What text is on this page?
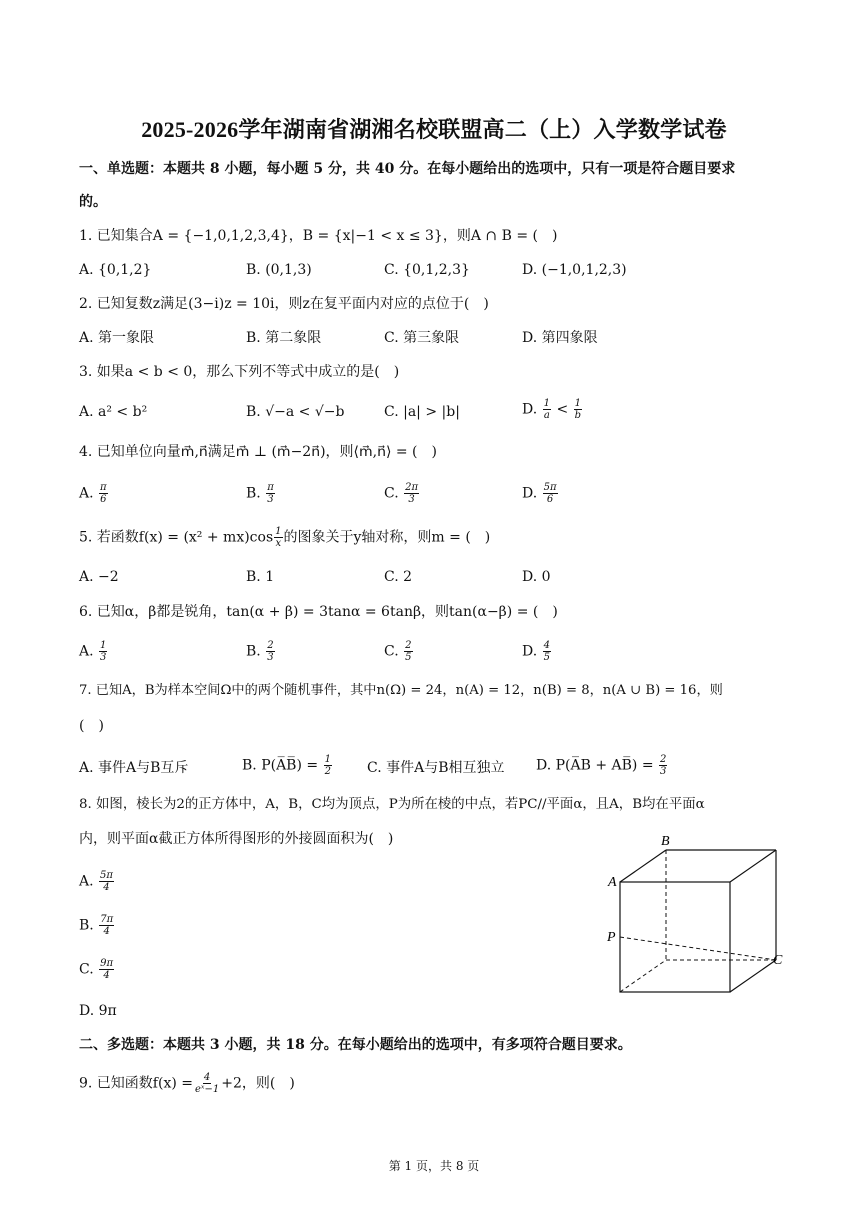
2025-2026学年湖南省湖湘名校联盟高二（上）入学数学试卷
一、单选题：本题共 8 小题，每小题 5 分，共 40 分。在每小题给出的选项中，只有一项是符合题目要求
的。
1. 已知集合A = {−1,0,1,2,3,4}，B = {x|−1 < x ≤ 3}，则A ∩ B = (　)
A. {0,1,2}	B. (0,1,3)	C. {0,1,2,3}	D. (−1,0,1,2,3)
2. 已知复数z满足(3−i)z = 10i，则z在复平面内对应的点位于(　)
A. 第一象限	B. 第二象限	C. 第三象限	D. 第四象限
3. 如果a < b < 0，那么下列不等式中成立的是(　)
A. a² < b²	B. √−a < √−b	C. |a| > |b|	D. $\frac{1}{a} < \frac{1}{b}$
4. 已知单位向量m⃗,n⃗满足m⃗ ⊥ (m⃗−2n⃗)，则⟨m⃗,n⃗⟩ = (　)
A. $\frac{\pi}{6}$	B. $\frac{\pi}{3}$	C. $\frac{2\pi}{3}$	D. $\frac{5\pi}{6}$
5. 若函数$f(x) = (x^2 + mx)\cos \frac{1}{x}$ 的图象关于y轴对称，则m = (　)
A. −2	B. 1	C. 2	D. 0
6. 已知α，β都是锐角，tan(α + β) = 3tanα = 6tanβ，则tan(α−β) = (　)
A. $\frac{1}{3}$	B. $\frac{2}{3}$	C. $\frac{2}{5}$	D. $\frac{4}{5}$
7. 已知A，B为样本空间Ω中的两个随机事件，其中n(Ω) = 24，n(A) = 12，n(B) = 8，n(A ∪ B) = 16，则
(　)
A. 事件A与B互斥	B. P(A̅B̅) = $\frac{1}{2}$	C. 事件A与B相互独立 D. P(A̅B + AB̅) = $\frac{2}{3}$
8. 如图，棱长为2的正方体中，A，B，C均为顶点，P为所在棱的中点，若PC//平面α，且A，B均在平面α
内，则平面α截正方体所得图形的外接圆面积为(　)
A. $\frac{5\pi}{4}$
B. $\frac{7\pi}{4}$
C. $\frac{9\pi}{4}$
D. 9π
B
A
P
C
二、多选题：本题共 3 小题，共 18 分。在每小题给出的选项中，有多项符合题目要求。
9. 已知函数$f(x) = \frac{4}{\text{eˣ−1}} +2$，则(　)
第 1 页，共 8 页
